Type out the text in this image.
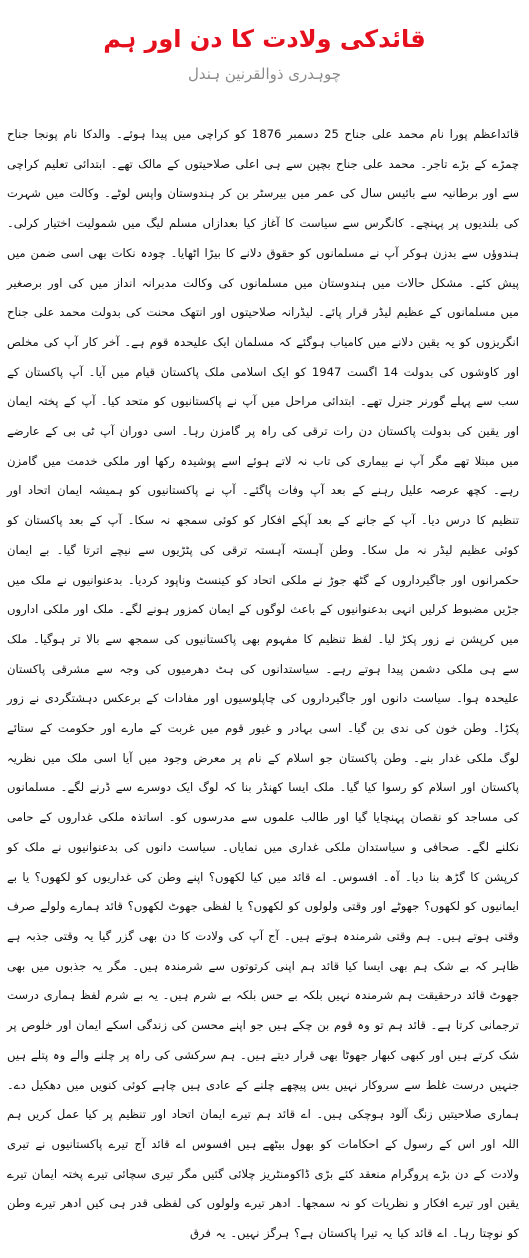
قائدکی ولادت کا دن اور ہم
چوہدری ذوالقرنین ہندل

قائداعظم پورا نام محمد علی جناح 25 دسمبر 1876 کو کراچی میں پیدا ہوئے۔ والدکا نام پونجا جناح چمڑے کے بڑے تاجر۔ محمد علی جناح بچپن سے ہی اعلی صلاحیتوں کے مالک تھے۔ ابتدائی تعلیم کراچی سے اور برطانیہ سے بائیس سال کی عمر میں بیرسٹر بن کر ہندوستان واپس لوٹے۔ وکالت میں شہرت کی بلندیوں پر پہنچے۔ کانگرس سے سیاست کا آغاز کیا بعدازاں مسلم لیگ میں شمولیت اختیار کرلی۔ ہندوؤں سے بدزن ہوکر آپ نے مسلمانوں کو حقوق دلانے کا بیڑا اٹھایا۔ چودہ نکات بھی اسی ضمن میں پیش کئے۔ مشکل حالات میں ہندوستان میں مسلمانوں کی وکالت مدبرانہ انداز میں کی اور برصغیر میں مسلمانوں کے عظیم لیڈر قرار پائے۔ لیڈرانہ صلاحیتوں اور انتھک محنت کی بدولت محمد علی جناح انگریزوں کو یہ یقین دلانے میں کامیاب ہوگئے کہ مسلمان ایک علیحدہ قوم ہے۔ آخر کار آپ کی مخلص اور کاوشوں کی بدولت 14 اگست 1947 کو ایک اسلامی ملک پاکستان قیام میں آیا۔ آپ پاکستان کے سب سے پہلے گورنر جنرل تھے۔ ابتدائی مراحل میں آپ نے پاکستانیوں کو متحد کیا۔ آپ کے پختہ ایمان اور یقین کی بدولت پاکستان دن رات ترقی کی راہ پر گامزن رہا۔ اسی دوران آپ ٹی بی کے عارضے میں مبتلا تھے مگر آپ نے بیماری کی تاب نہ لاتے ہوئے اسے پوشیدہ رکھا اور ملکی خدمت میں گامزن رہے۔ کچھ عرصہ علیل رہنے کے بعد آپ وفات پاگئے۔ آپ نے پاکستانیوں کو ہمیشہ ایمان اتحاد اور تنظیم کا درس دیا۔ آپ کے جانے کے بعد آپکے افکار کو کوئی سمجھ نہ سکا۔ آپ کے بعد پاکستان کو کوئی عظیم لیڈر نہ مل سکا۔ وطن آہستہ آہستہ ترقی کی پٹڑیوں سے نیچے اترتا گیا۔ بے ایمان حکمرانوں اور جاگیرداروں کے گٹھ جوڑ نے ملکی اتحاد کو کینسٹ وناپود کردیا۔ بدعنوانیوں نے ملک میں جڑیں مضبوط کرلیں انہی بدعنوانیوں کے باعث لوگوں کے ایمان کمزور ہونے لگے۔ ملک اور ملکی اداروں میں کرپشن نے زور پکڑ لیا۔ لفظ تنظیم کا مفہوم بھی پاکستانیوں کی سمجھ سے بالا تر ہوگیا۔ ملک سے ہی ملکی دشمن پیدا ہوتے رہے۔ سیاستدانوں کی ہٹ دھرمیوں کی وجہ سے مشرقی پاکستان علیحدہ ہوا۔ سیاست دانوں اور جاگیرداروں کی چاپلوسیوں اور مفادات کے برعکس دہشتگردی نے زور پکڑا۔ وطن خون کی ندی بن گیا۔ اسی بہادر و غیور قوم میں غربت کے مارے اور حکومت کے ستائے لوگ ملکی غدار بنے۔ وطن پاکستان جو اسلام کے نام پر معرض وجود میں آیا اسی ملک میں نظریہ پاکستان اور اسلام کو رسوا کیا گیا۔ ملک ایسا کھنڈر بنا کہ لوگ ایک دوسرے سے ڈرنے لگے۔ مسلمانوں کی مساجد کو نقصان پہنچایا گیا اور طالب علموں سے مدرسوں کو۔ اساتذہ ملکی غداروں کے حامی نکلنے لگے۔ صحافی و سیاستدان ملکی غداری میں نمایاں۔ سیاست دانوں کی بدعنوانیوں نے ملک کو کرپشن کا گڑھ بنا دیا۔ آہ۔ افسوس۔ اے قائد میں کیا لکھوں؟ اپنے وطن کی غداریوں کو لکھوں؟ یا بے ایمانیوں کو لکھوں؟ جھوٹے اور وقتی ولولوں کو لکھوں؟ یا لفظی جھوٹ لکھوں؟ قائد ہمارے ولولے صرف وقتی ہوتے ہیں۔ ہم وقتی شرمندہ ہوتے ہیں۔ آج آپ کی ولادت کا دن بھی گزر گیا یہ وقتی جذبہ ہے ظاہر کہ بے شک ہم بھی ایسا کیا قائد ہم اپنی کرتوتوں سے شرمندہ ہیں۔ مگر یہ جذبوں میں بھی جھوٹ قائد درحقیقت ہم شرمندہ نہیں بلکہ بے حس بلکہ بے شرم ہیں۔ یہ بے شرم لفظ ہماری درست ترجمانی کرتا ہے۔ قائد ہم تو وہ قوم بن چکے ہیں جو اپنے محسن کی زندگی اسکے ایمان اور خلوص پر شک کرتے ہیں اور کبھی کبھار جھوٹا بھی قرار دیتے ہیں۔ ہم سرکشی کی راہ پر چلنے والے وہ پتلے ہیں جنہیں درست غلط سے سروکار نہیں بس پیچھے چلنے کے عادی ہیں چاہے کوئی کنویں میں دھکیل دے۔ ہماری صلاحیتیں زنگ آلود ہوچکی ہیں۔ اے قائد ہم تیرے ایمان اتحاد اور تنظیم پر کیا عمل کریں ہم اللہ اور اس کے رسول کے احکامات کو بھول بیٹھے ہیں افسوس اے قائد آج تیرے پاکستانیوں نے تیری ولادت کے دن بڑے پروگرام منعقد کئے بڑی ڈاکومنٹریز چلائی گئیں مگر تیری سچائی تیرے پختہ ایمان تیرے یقین اور تیرے افکار و نظریات کو نہ سمجھا۔ ادھر تیرے ولولوں کی لفظی قدر ہی کیں ادھر تیرے وطن کو نوچتا رہا۔ اے قائد کیا یہ تیرا پاکستان ہے؟ ہرگز نہیں۔ یہ فرق
